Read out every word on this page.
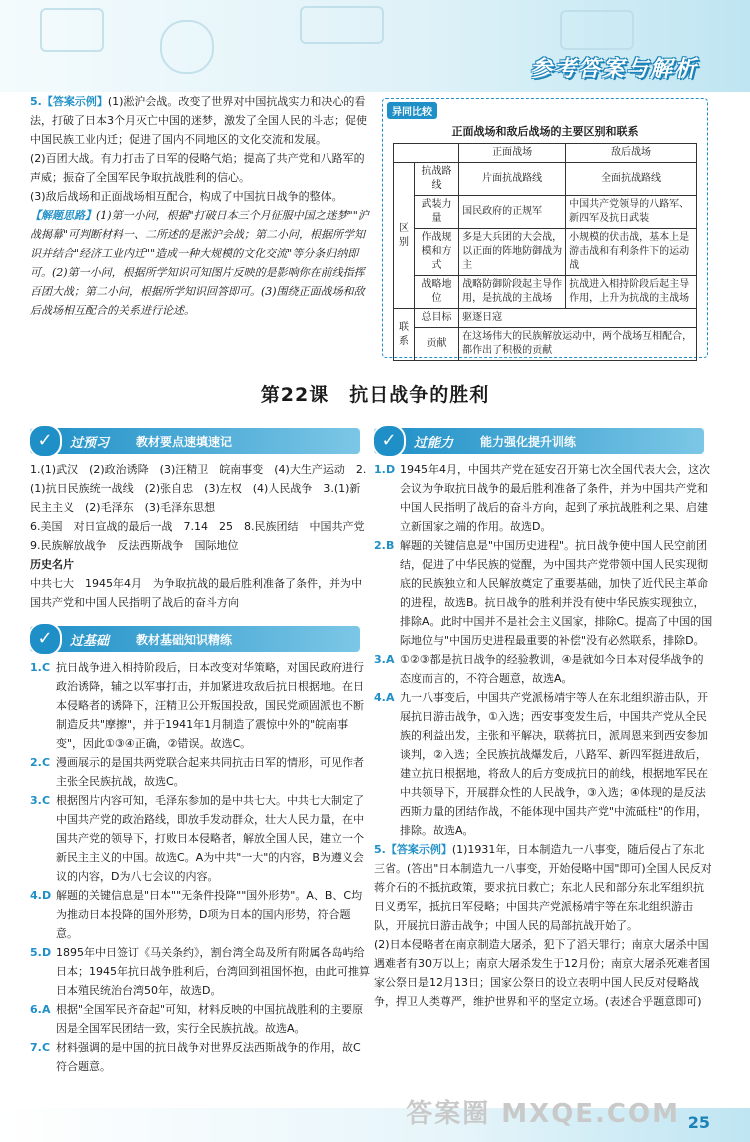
参考答案与解析

5.【答案示例】(1)淞沪会战。改变了世界对中国抗战实力和决心的看法，打破了日本3个月灭亡中国的迷梦，激发了全国人民的斗志；促使中国民族工业内迁；促进了国内不同地区的文化交流和发展。

(2)百团大战。有力打击了日军的侵略气焰；提高了共产党和八路军的声威；振奋了全国军民争取抗战胜利的信心。

(3)敌后战场和正面战场相互配合，构成了中国抗日战争的整体。

【解题思路】(1)第一小问，根据"打破日本三个月征服中国之迷梦""沪战揭幕"可判断材料一、二所述的是淞沪会战；第二小问，根据所学知识并结合"经济工业内迁""造成一种大规模的文化交流"等分条归纳即可。(2)第一小问，根据所学知识可知图片反映的是影响你在前线指挥百团大战；第二小问，根据所学知识回答即可。(3)围绕正面战场和敌后战场相互配合的关系进行论述。

异同比较
正面战场和敌后战场的主要区别和联系
		正面战场	敌后战场
区别	抗战路线	片面抗战路线	全面抗战路线
	武装力量	国民政府的正规军	中国共产党领导的八路军、新四军及抗日武装
	作战规模和方式	多是大兵团的大会战，以正面的阵地防御战为主	小规模的伏击战，基本上是游击战和有利条件下的运动战
	战略地位	战略防御阶段起主导作用，是抗战的主战场	抗战进入相持阶段后起主导作用，上升为抗战的主战场
联系	总目标	驱逐日寇	
	贡献	在这场伟大的民族解放运动中，两个战场互相配合，都作出了积极的贡献	
第22课　抗日战争的胜利
✓	过预习 教材要点速填速记

1.(1)武汉　(2)政治诱降　(3)汪精卫　皖南事变　(4)大生产运动　2.(1)抗日民族统一战线　(2)张自忠　(3)左权　(4)人民战争　3.(1)新民主主义　(2)毛泽东　(3)毛泽东思想

6.美国　对日宣战的最后一战　7.14　25　8.民族团结　中国共产党　9.民族解放战争　反法西斯战争　国际地位

历史名片

中共七大　1945年4月　为争取抗战的最后胜利准备了条件，并为中国共产党和中国人民指明了战后的奋斗方向

✓	过基础 教材基础知识精练
1. C 抗日战争进入相持阶段后，日本改变对华策略，对国民政府进行政治诱降，辅之以军事打击，并加紧进攻敌后抗日根据地。在日本侵略者的诱降下，汪精卫公开叛国投敌，国民党顽固派也不断制造反共"摩擦"，并于1941年1月制造了震惊中外的"皖南事变"，因此①③④正确，②错误。故选C。
2. C 漫画展示的是国共两党联合起来共同抗击日军的情形，可见作者主张全民族抗战，故选C。
3. C 根据图片内容可知，毛泽东参加的是中共七大。中共七大制定了中国共产党的政治路线，即放手发动群众，壮大人民力量，在中国共产党的领导下，打败日本侵略者，解放全国人民，建立一个新民主主义的中国。故选C。A为中共"一大"的内容，B为遵义会议的内容，D为八七会议的内容。
4. D 解题的关键信息是"日本""无条件投降""国外形势"。A、B、C均为推动日本投降的国外形势，D项为日本的国内形势，符合题意。
5. D 1895年中日签订《马关条约》，割台湾全岛及所有附属各岛屿给日本；1945年抗日战争胜利后，台湾回到祖国怀抱，由此可推算日本殖民统治台湾50年，故选D。
6. A 根据"全国军民齐奋起"可知，材料反映的中国抗战胜利的主要原因是全国军民团结一致，实行全民族抗战。故选A。
7. C 材料强调的是中国的抗日战争对世界反法西斯战争的作用，故C符合题意。
✓	过能力 能力强化提升训练
1. D 1945年4月，中国共产党在延安召开第七次全国代表大会，这次会议为争取抗日战争的最后胜利准备了条件，并为中国共产党和中国人民指明了战后的奋斗方向，起到了承抗战胜利之果、启建立新国家之端的作用。故选D。
2. B 解题的关键信息是"中国历史进程"。抗日战争使中国人民空前团结，促进了中华民族的觉醒，为中国共产党带领中国人民实现彻底的民族独立和人民解放奠定了重要基础，加快了近代民主革命的进程，故选B。抗日战争的胜利并没有使中华民族实现独立，排除A。此时中国并不是社会主义国家，排除C。提高了中国的国际地位与"中国历史进程最重要的补偿"没有必然联系，排除D。
3. A ①②③都是抗日战争的经验教训，④是就如今日本对侵华战争的态度而言的，不符合题意，故选A。
4. A 九一八事变后，中国共产党派杨靖宇等人在东北组织游击队，开展抗日游击战争，①入选；西安事变发生后，中国共产党从全民族的利益出发，主张和平解决，联蒋抗日，派周恩来到西安参加谈判，②入选；全民族抗战爆发后，八路军、新四军挺进敌后，建立抗日根据地，将敌人的后方变成抗日的前线，根据地军民在中共领导下，开展群众性的人民战争，③入选；④体现的是反法西斯力量的团结作战，不能体现中国共产党"中流砥柱"的作用，排除。故选A。

5.【答案示例】(1)1931年，日本制造九一八事变，随后侵占了东北三省。(答出"日本制造九一八事变，开始侵略中国"即可)全国人民反对蒋介石的不抵抗政策，要求抗日救亡；东北人民和部分东北军组织抗日义勇军，抵抗日军侵略；中国共产党派杨靖宇等在东北组织游击队，开展抗日游击战争；中国人民的局部抗战开始了。

(2)日本侵略者在南京制造大屠杀，犯下了滔天罪行；南京大屠杀中国遇难者有30万以上；南京大屠杀发生于12月份；南京大屠杀死难者国家公祭日是12月13日；国家公祭日的设立表明中国人民反对侵略战争，捍卫人类尊严，维护世界和平的坚定立场。(表述合乎题意即可)

答案圈 MXQE.COM 25
